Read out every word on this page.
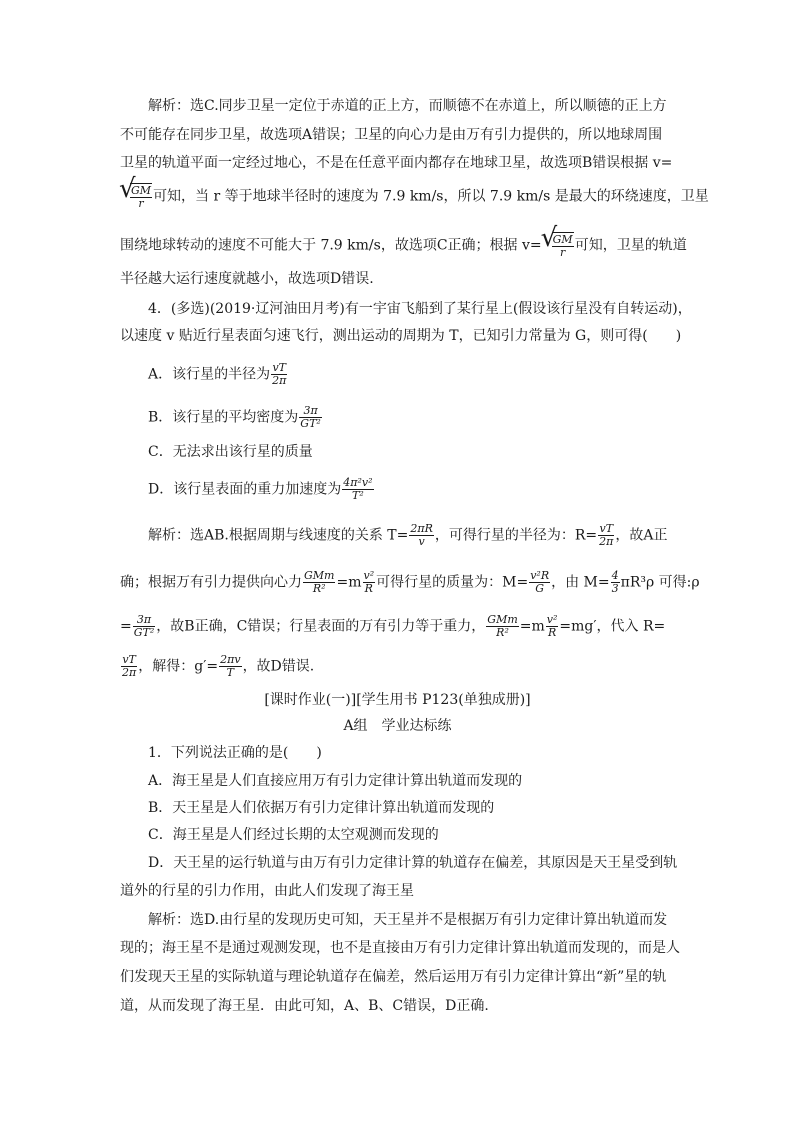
解析：选C.同步卫星一定位于赤道的正上方，而顺德不在赤道上，所以顺德的正上方
不可能存在同步卫星，故选项A错误；卫星的向心力是由万有引力提供的，所以地球周围
卫星的轨道平面一定经过地心，不是在任意平面内都存在地球卫星，故选项B错误根据 v=
√ $\frac{GM}{r}$ 可知，当 r 等于地球半径时的速度为 7.9 km/s，所以 7.9 km/s 是最大的环绕速度，卫星
围绕地球转动的速度不可能大于 7.9 km/s，故选项C正确；根据 v=
√ $\frac{GM}{r}$ 可知，卫星的轨道
半径越大运行速度就越小，故选项D错误.
4．(多选)(2019·辽河油田月考)有一宇宙飞船到了某行星上(假设该行星没有自转运动)，
以速度 v 贴近行星表面匀速飞行，测出运动的周期为 T，已知引力常量为 G，则可得(　　)
A．该行星的半径为 $\frac{vT}{2\pi}$
B．该行星的平均密度为 $\frac{3\pi}{\text{GT²}}$
C．无法求出该行星的质量
D．该行星表面的重力加速度为 $\frac{\text{4π²v²}}{\text{T²}}$
解析：选AB.根据周期与线速度的关系 $T= \frac{2\pi R}{v}$ ，可得行星的半径为：$R= \frac{vT}{2\pi}$ ，故A正
确；根据万有引力提供向心力 $\frac{\text{GMm}}{\text{R²}} =m \frac{\text{v²}}{R}$ 可得行星的质量为：$M= \frac{\text{v²R}}{G}$ ，由 $M= \frac{4}{3} \pi R^3\rho$ 可得:ρ
= $\frac{3\pi}{\text{GT²}}$ ，故B正确，C错误；行星表面的万有引力等于重力， $\frac{\text{GMm}}{\text{R²}} =m \frac{\text{v²}}{R} =mg'$，代入 R=
$\frac{vT}{2\pi}$ ，解得：$g'= \frac{2\pi v}{T}$ ，故D错误.
[课时作业(一)][学生用书 P123(单独成册)]
A组　学业达标练
1．下列说法正确的是(　　)
A．海王星是人们直接应用万有引力定律计算出轨道而发现的
B．天王星是人们依据万有引力定律计算出轨道而发现的
C．海王星是人们经过长期的太空观测而发现的
D．天王星的运行轨道与由万有引力定律计算的轨道存在偏差，其原因是天王星受到轨
道外的行星的引力作用，由此人们发现了海王星
解析：选D.由行星的发现历史可知，天王星并不是根据万有引力定律计算出轨道而发
现的；海王星不是通过观测发现，也不是直接由万有引力定律计算出轨道而发现的，而是人
们发现天王星的实际轨道与理论轨道存在偏差，然后运用万有引力定律计算出“新”星的轨
道，从而发现了海王星．由此可知，A、B、C错误，D正确.
